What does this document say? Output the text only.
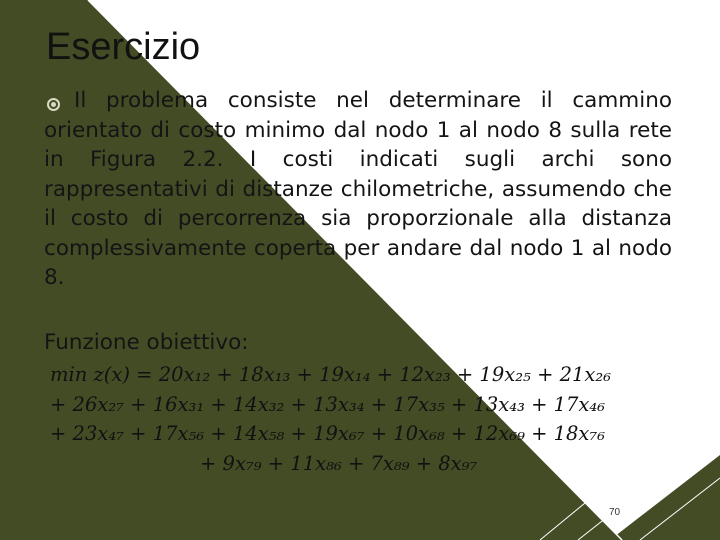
Esercizio
Il problema consiste nel determinare il cammino orientato di costo minimo dal nodo 1 al nodo 8 sulla rete in Figura 2.2. I costi indicati sugli archi sono rappresentativi di distanze chilometriche, assumendo che il costo di percorrenza sia proporzionale alla distanza complessivamente coperta per andare dal nodo 1 al nodo 8.
Funzione obiettivo:
min z(x) = 20x₁₂ + 18x₁₃ + 19x₁₄ + 12x₂₃ + 19x₂₅ + 21x₂₆
+ 26x₂₇ + 16x₃₁ + 14x₃₂ + 13x₃₄ + 17x₃₅ + 13x₄₃ + 17x₄₆
+ 23x₄₇ + 17x₅₆ + 14x₅₈ + 19x₆₇ + 10x₆₈ + 12x₆₉ + 18x₇₆
+ 9x₇₉ + 11x₈₆ + 7x₈₉ + 8x₉₇
70
